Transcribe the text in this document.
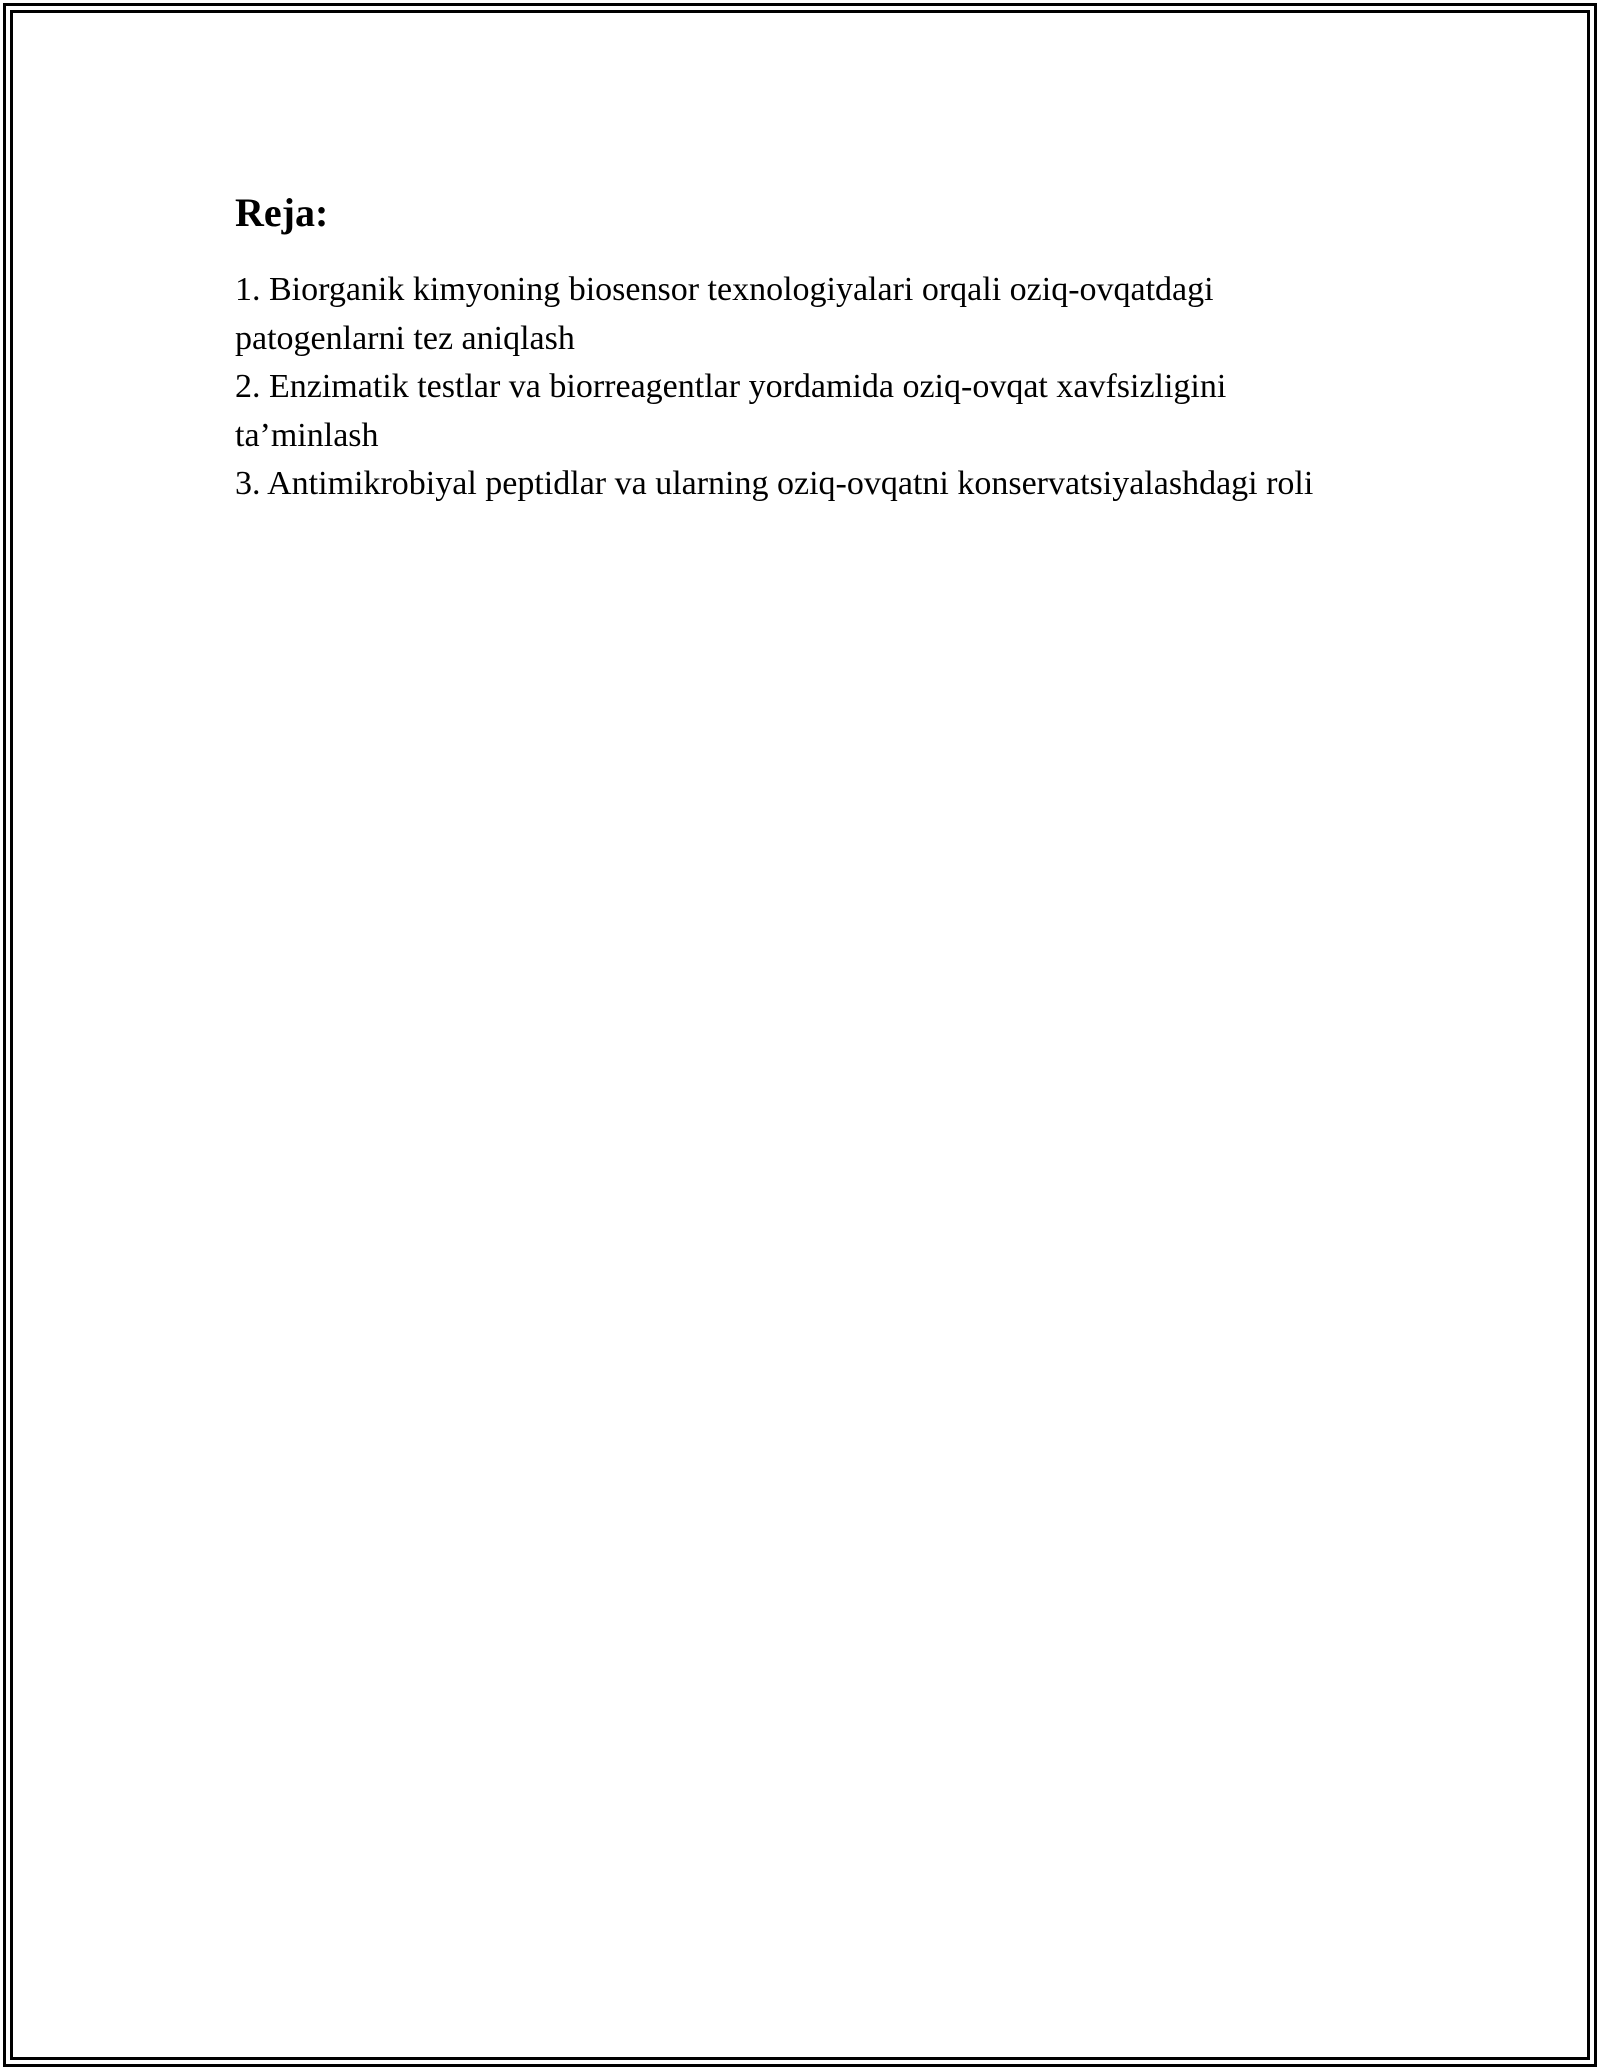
Reja:

1. Biorganik kimyoning biosensor texnologiyalari orqali oziq-ovqatdagi patogenlarni tez aniqlash

2. Enzimatik testlar va biorreagentlar yordamida oziq-ovqat xavfsizligini ta’minlash

3. Antimikrobiyal peptidlar va ularning oziq-ovqatni konservatsiyalashdagi roli
